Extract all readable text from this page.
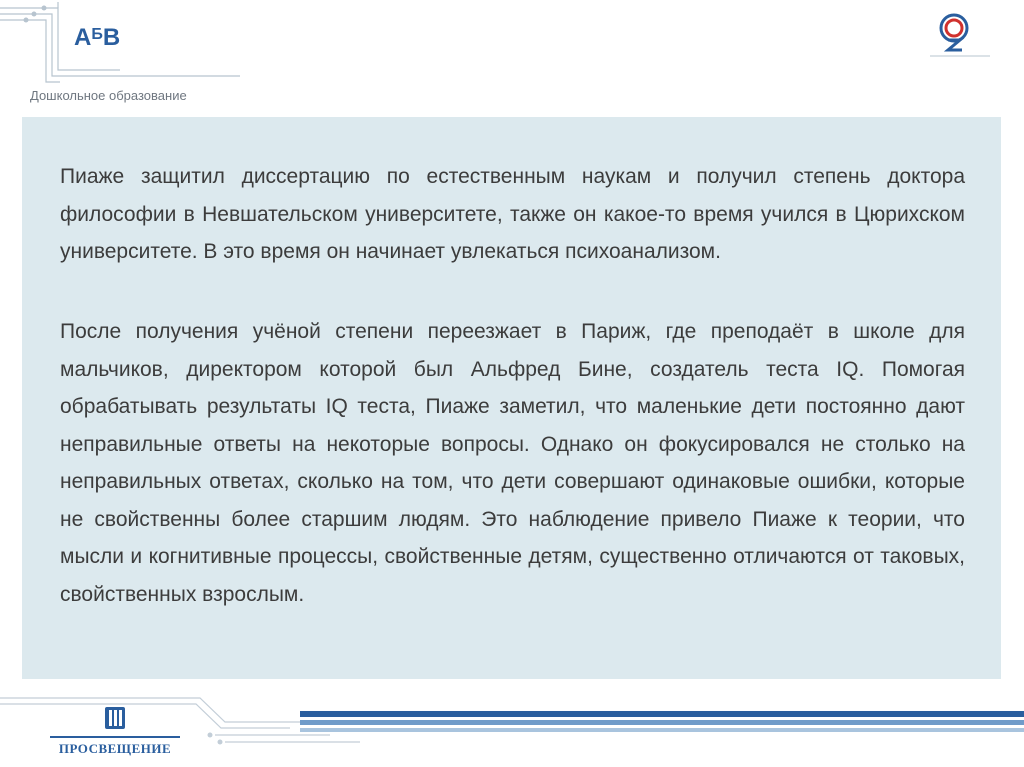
$А^БВ$
Дошкольное образование

Пиаже защитил диссертацию по естественным наукам и получил степень доктора философии в Невшательском университете, также он какое-то время учился в Цюрихском университете. В это время он начинает увлекаться психоанализом.

После получения учёной степени переезжает в Париж, где преподаёт в школе для мальчиков, директором которой был Альфред Бине, создатель теста IQ. Помогая обрабатывать результаты IQ теста, Пиаже заметил, что маленькие дети постоянно дают неправильные ответы на некоторые вопросы. Однако он фокусировался не столько на неправильных ответах, сколько на том, что дети совершают одинаковые ошибки, которые не свойственны более старшим людям. Это наблюдение привело Пиаже к теории, что мысли и когнитивные процессы, свойственные детям, существенно отличаются от таковых, свойственных взрослым.

ПРОСВЕЩЕНИЕ
